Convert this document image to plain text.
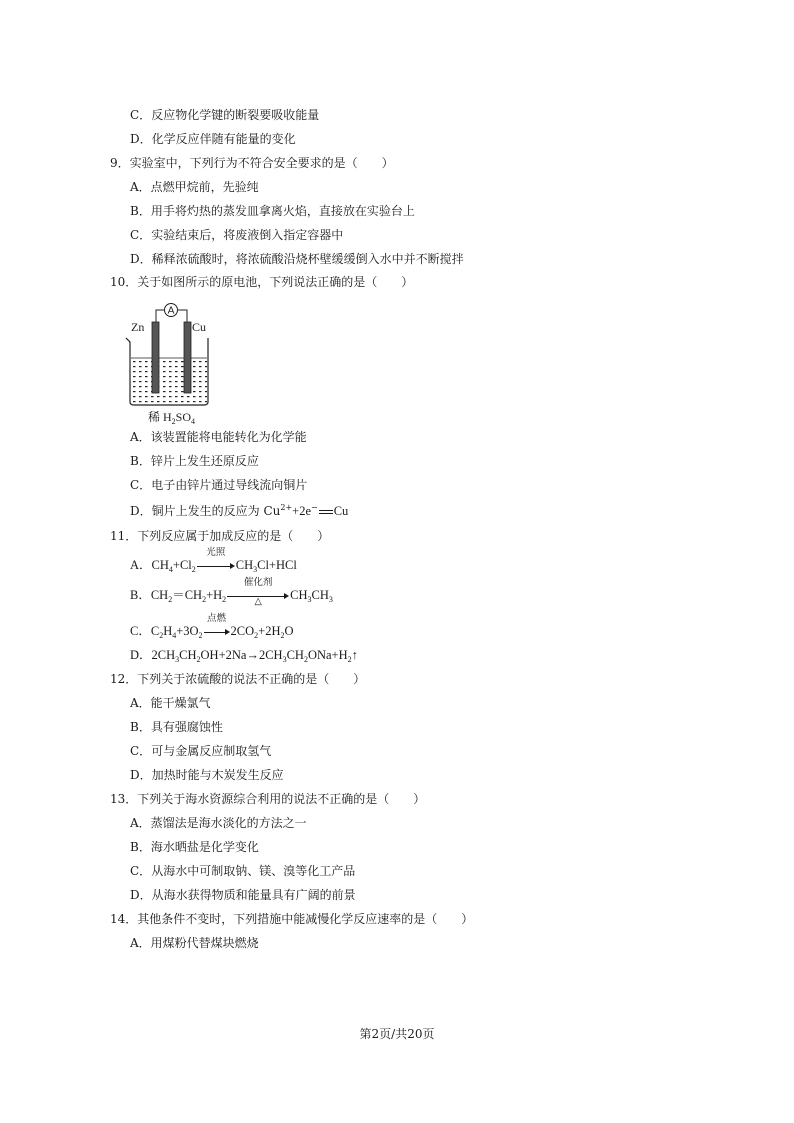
C．反应物化学键的断裂要吸收能量
D．化学反应伴随有能量的变化
9．实验室中，下列行为不符合安全要求的是（　　）
A．点燃甲烷前，先验纯
B．用手将灼热的蒸发皿拿离火焰，直接放在实验台上
C．实验结束后，将废液倒入指定容器中
D．稀释浓硫酸时，将浓硫酸沿烧杯壁缓缓倒入水中并不断搅拌
10．关于如图所示的原电池，下列说法正确的是（　　）
A
Zn	Cu
稀 $H_2SO_4$
A．该装置能将电能转化为化学能
B．锌片上发生还原反应
C．电子由锌片通过导线流向铜片
D．铜片上发生的反应为 $Cu^{2+}+2e^-$ Cu
11．下列反应属于加成反应的是（　　）
A．$CH_4+Cl_2$
光照
$CH_3Cl+HCl$
B．$CH_2=CH_2+H_2$
催化剂
△	$CH_3CH_3$
C．$C_2H_4+3O_2$
点燃
$2CO_2+2H_2O$
D．$2CH_3CH_2OH+2Na\to 2CH_3CH_2ONa+H_2↑$
12．下列关于浓硫酸的说法不正确的是（　　）
A．能干燥氯气
B．具有强腐蚀性
C．可与金属反应制取氢气
D．加热时能与木炭发生反应
13．下列关于海水资源综合利用的说法不正确的是（　　）
A．蒸馏法是海水淡化的方法之一
B．海水晒盐是化学变化
C．从海水中可制取钠、镁、溴等化工产品
D．从海水获得物质和能量具有广阔的前景
14．其他条件不变时，下列措施中能减慢化学反应速率的是（　　）
A．用煤粉代替煤块燃烧
第2页/共20页
